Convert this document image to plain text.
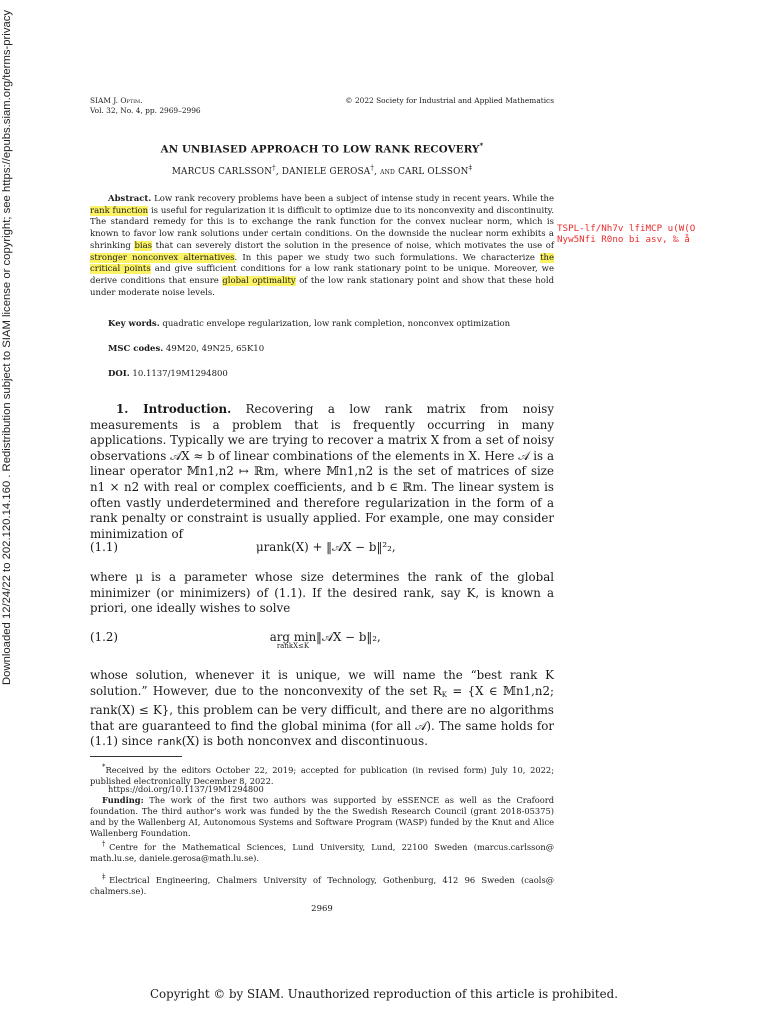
Downloaded 12/24/22 to 202.120.14.160 . Redistribution subject to SIAM license or copyright; see https://epubs.siam.org/terms-privacy	SIAM J. Optim.
Vol. 32, No. 4, pp. 2969–2996
© 2022 Society for Industrial and Applied Mathematics
AN UNBIASED APPROACH TO LOW RANK RECOVERY*
MARCUS CARLSSON†, DANIELE GEROSA†, and CARL OLSSON‡
Abstract. Low rank recovery problems have been a subject of intense study in recent years. While the rank function is useful for regularization it is difficult to optimize due to its nonconvexity and discontinuity. The standard remedy for this is to exchange the rank function for the convex nuclear norm, which is known to favor low rank solutions under certain conditions. On the downside the nuclear norm exhibits a shrinking bias that can severely distort the solution in the presence of noise, which motivates the use of stronger nonconvex alternatives. In this paper we study two such formulations. We characterize the critical points and give sufficient conditions for a low rank stationary point to be unique. Moreover, we derive conditions that ensure global optimality of the low rank stationary point and show that these hold under moderate noise levels.
TSPL-lf/Nh7v lfiMCP u(W(ONyw5Nfi R0no bi asv, ‰ å
Key words. quadratic envelope regularization, low rank completion, nonconvex optimization
MSC codes. 49M20, 49N25, 65K10
DOI. 10.1137/19M1294800
1. Introduction. Recovering a low rank matrix from noisy measurements is a problem that is frequently occurring in many applications. Typically we are trying to recover a matrix X from a set of noisy observations 𝒜X ≈ b of linear combinations of the elements in X. Here 𝒜 is a linear operator 𝕄n1,n2 ↦ ℝm, where 𝕄n1,n2 is the set of matrices of size n1 × n2 with real or complex coefficients, and b ∈ ℝm. The linear system is often vastly underdetermined and therefore regularization in the form of a rank penalty or constraint is usually applied. For example, one may consider minimization of
(1.1)	μrank(X) + ‖𝒜X − b‖²₂,
where μ is a parameter whose size determines the rank of the global minimizer (or minimizers) of (1.1). If the desired rank, say K, is known a priori, one ideally wishes to solve
(1.2)	arg min
rankX≤K
‖𝒜X − b‖₂,
whose solution, whenever it is unique, we will name the “best rank K solution.” However, due to the nonconvexity of the set $R_K = \{X$ ∈ 𝕄n1,n2; rank(X) ≤ K}, this problem can be very difficult, and there are no algorithms that are guaranteed to find the global minima (for all 𝒜). The same holds for (1.1) since rank(X) is both nonconvex and discontinuous.
*Received by the editors October 22, 2019; accepted for publication (in revised form) July 10, 2022; published electronically December 8, 2022.
https://doi.org/10.1137/19M1294800
Funding: The work of the first two authors was supported by eSSENCE as well as the Crafoord foundation. The third author’s work was funded by the the Swedish Research Council (grant 2018-05375) and by the Wallenberg AI, Autonomous Systems and Software Program (WASP) funded by the Knut and Alice Wallenberg Foundation.
†Centre for the Mathematical Sciences, Lund University, Lund, 22100 Sweden (marcus.carlsson@ math.lu.se, daniele.gerosa@math.lu.se).
‡Electrical Engineering, Chalmers University of Technology, Gothenburg, 412 96 Sweden (caols@ chalmers.se).
2969
Copyright © by SIAM. Unauthorized reproduction of this article is prohibited.
